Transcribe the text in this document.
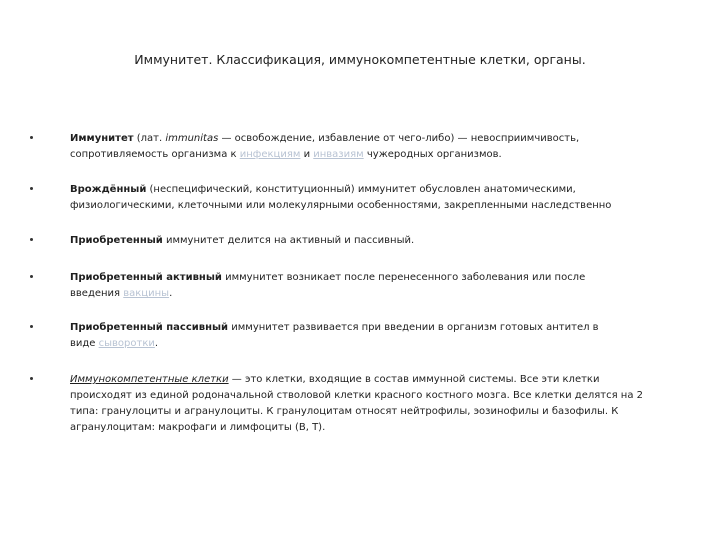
Иммунитет. Классификация, иммунокомпетентные клетки, органы.
Иммунитет (лат. immunitas — освобождение, избавление от чего-либо) — невосприимчивость,
сопротивляемость организма к инфекциям и инвазиям чужеродных организмов.
Врождённый (неспецифический, конституционный) иммунитет обусловлен анатомическими,
физиологическими, клеточными или молекулярными особенностями, закрепленными наследственно
Приобретенный иммунитет делится на активный и пассивный.
Приобретенный активный иммунитет возникает после перенесенного заболевания или после
введения вакцины.
Приобретенный пассивный иммунитет развивается при введении в организм готовых антител в
виде сыворотки.
Иммунокомпетентные клетки — это клетки, входящие в состав иммунной системы. Все эти клетки
происходят из единой родоначальной стволовой клетки красного костного мозга. Все клетки делятся на 2
типа: гранулоциты и агранулоциты. К гранулоцитам относят нейтрофилы, эозинофилы и базофилы. К
агранулоцитам: макрофаги и лимфоциты (В, Т).
